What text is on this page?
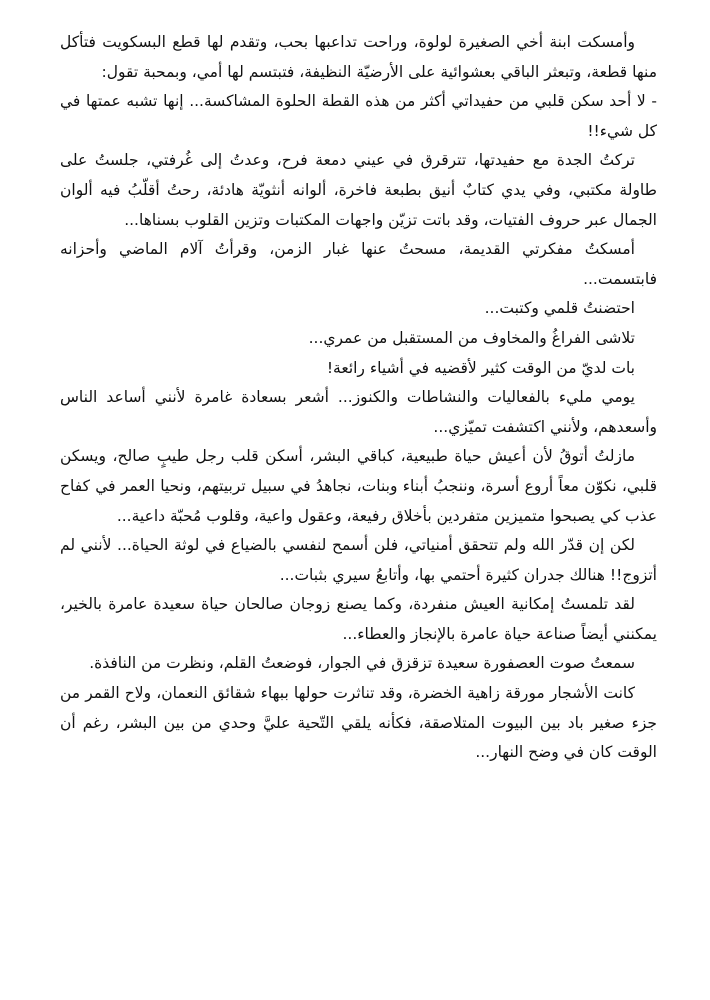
وأمسكت ابنة أخي الصغيرة لولوة، وراحت تداعبها بحب، وتقدم لها قطع البسكويت فتأكل منها قطعة، وتبعثر الباقي بعشوائية على الأرضيّة النظيفة، فتبتسم لها أمي، وبمحبة تقول:

- لا أحد سكن قلبي من حفيداتي أكثر من هذه القطة الحلوة المشاكسة... إنها تشبه عمتها في كل شيء!!

تركتُ الجدة مع حفيدتها، تترقرق في عيني دمعة فرح، وعدتُ إلى غُرفتي، جلستُ على طاولة مكتبي، وفي يدي كتابٌ أنيق بطبعة فاخرة، ألوانه أنثويّة هادئة، رحتُ أقلّبُ فيه ألوان الجمال عبر حروف الفتيات، وقد باتت تزيّن واجهات المكتبات وتزين القلوب بسناها...

أمسكتُ مفكرتي القديمة، مسحتُ عنها غبار الزمن، وقرأتُ آلام الماضي وأحزانه فابتسمت...

احتضنتُ قلمي وكتبت...

تلاشى الفراغُ والمخاوف من المستقبل من عمري...

بات لديّ من الوقت كثير لأقضيه في أشياء رائعة!

يومي مليء بالفعاليات والنشاطات والكنوز... أشعر بسعادة غامرة لأنني أساعد الناس وأسعدهم، ولأنني اكتشفت تميّزي...

مازلتُ أتوقُ لأن أعيش حياة طبيعية، كباقي البشر، أسكن قلب رجل طيبٍ صالح، ويسكن قلبي، نكوّن معاً أروع أسرة، وننجبُ أبناء وبنات، نجاهدُ في سبيل تربيتهم، ونحيا العمر في كفاح عذب كي يصبحوا متميزين متفردين بأخلاق رفيعة، وعقول واعية، وقلوب مُحبّة داعية...

لكن إن قدّر الله ولم تتحقق أمنياتي، فلن أسمح لنفسي بالضياع في لوثة الحياة... لأنني لم أتزوج!! هنالك جدران كثيرة أحتمي بها، وأتابعُ سيري بثبات...

لقد تلمستُ إمكانية العيش منفردة، وكما يصنع زوجان صالحان حياة سعيدة عامرة بالخير، يمكنني أيضاً صناعة حياة عامرة بالإنجاز والعطاء...

سمعتُ صوت العصفورة سعيدة تزقزق في الجوار، فوضعتُ القلم، ونظرت من النافذة.

كانت الأشجار مورقة زاهية الخضرة، وقد تناثرت حولها ببهاء شقائق النعمان، ولاح القمر من جزء صغير باد بين البيوت المتلاصقة، فكأنه يلقي التّحية عليَّ وحدي من بين البشر، رغم أن الوقت كان في وضح النهار...
